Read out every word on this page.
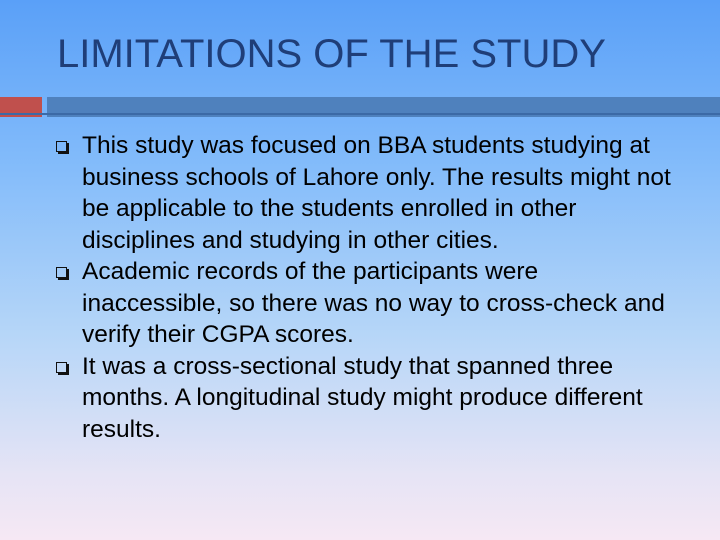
LIMITATIONS OF THE STUDY
This study was focused on BBA students studying at business schools of Lahore only. The results might not be applicable to the students enrolled in other disciplines and studying in other cities.
Academic records of the participants were inaccessible, so there was no way to cross-check and verify their CGPA scores.
It was a cross-sectional study that spanned three months. A longitudinal study might produce different results.
